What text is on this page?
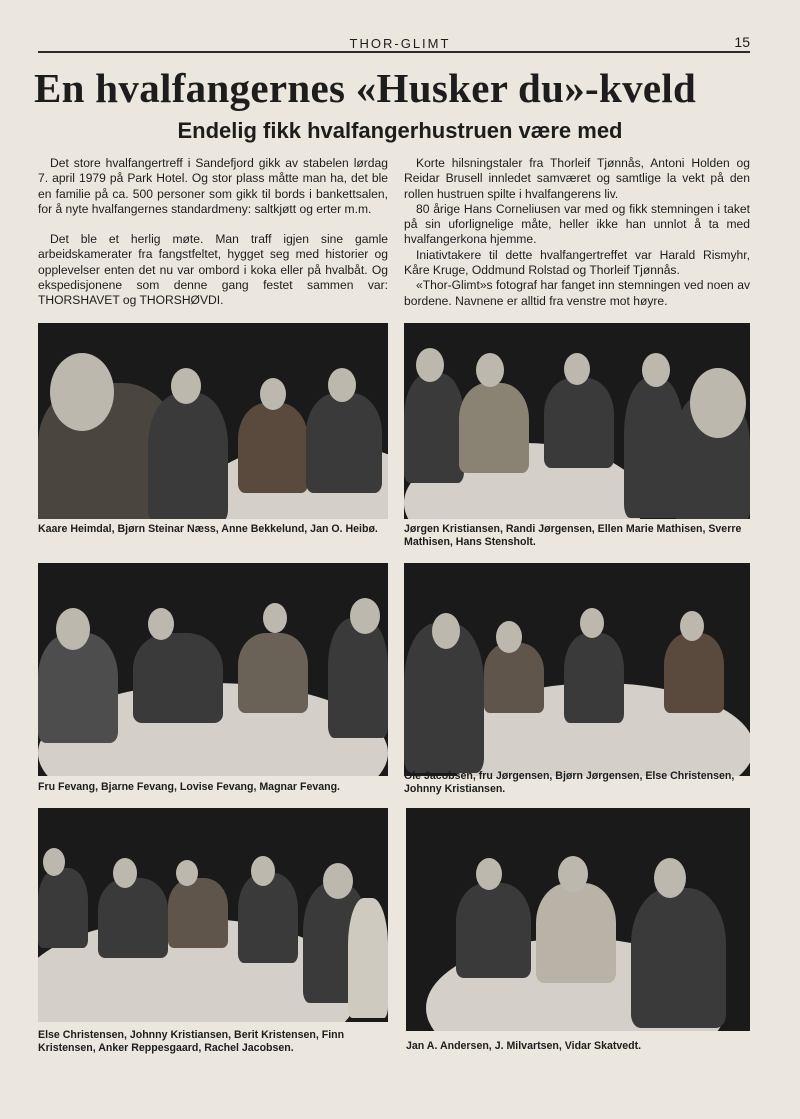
THOR-GLIMT	15
En hvalfangernes «Husker du»-kveld
Endelig fikk hvalfangerhustruen være med

Det store hvalfangertreff i Sandefjord gikk av stabelen lørdag 7. april 1979 på Park Hotel. Og stor plass måtte man ha, det ble en familie på ca. 500 personer som gikk til bords i bankettsalen, for å nyte hvalfangernes standardmeny: saltkjøtt og erter m.m.

Det ble et herlig møte. Man traff igjen sine gamle arbeidskamerater fra fangstfeltet, hygget seg med historier og opplevelser enten det nu var ombord i koka eller på hvalbåt. Og ekspedisjonene som denne gang festet sammen var: THORSHAVET og THORSHØVDI.

Korte hilsningstaler fra Thorleif Tjønnås, Antoni Holden og Reidar Brusell innledet samværet og samtlige la vekt på den rollen hustruen spilte i hvalfangerens liv.

80 årige Hans Corneliusen var med og fikk stemningen i taket på sin uforlignelige måte, heller ikke han unnlot å ta med hvalfangerkona hjemme.

Iniativtakere til dette hvalfangertreffet var Harald Rismyhr, Kåre Kruge, Oddmund Rolstad og Thorleif Tjønnås.

«Thor-Glimt»s fotograf har fanget inn stemningen ved noen av bordene. Navnene er alltid fra venstre mot høyre.

Kaare Heimdal, Bjørn Steinar Næss, Anne Bekkelund, Jan O. Heibø.	Jørgen Kristiansen, Randi Jørgensen, Ellen Marie Mathisen, Sverre Mathisen, Hans Stensholt.
Fru Fevang, Bjarne Fevang, Lovise Fevang, Magnar Fevang.
Ole Jacobsen, fru Jørgensen, Bjørn Jørgensen, Else Christensen, Johnny Kristiansen.
Else Christensen, Johnny Kristiansen, Berit Kristensen, Finn Kristensen, Anker Reppesgaard, Rachel Jacobsen.	Jan A. Andersen, J. Milvartsen, Vidar Skatvedt.
